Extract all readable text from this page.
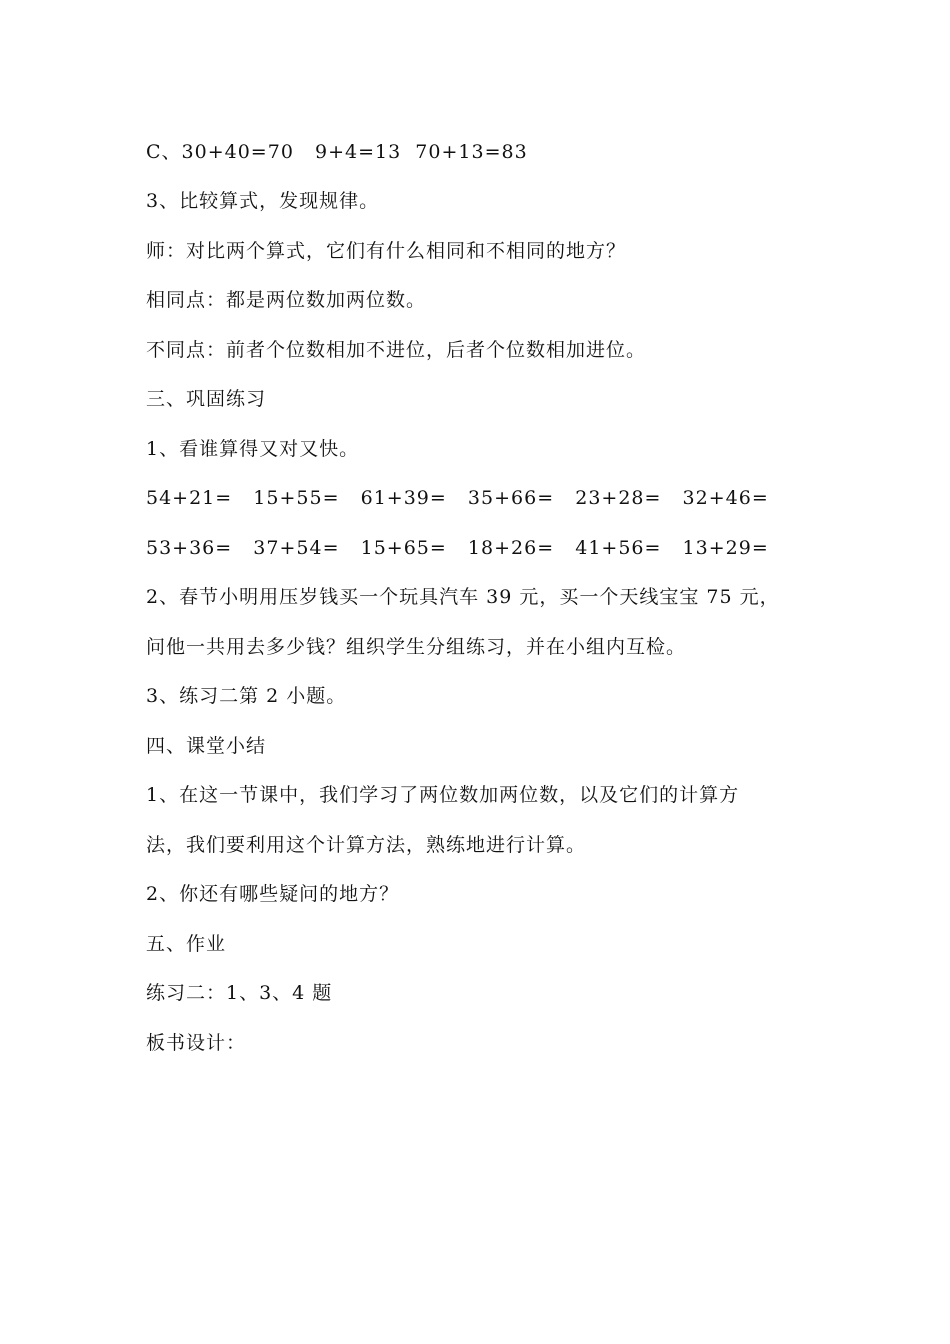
C、30+40=70   9+4=13  70+13=83
3、比较算式，发现规律。
师：对比两个算式，它们有什么相同和不相同的地方？
相同点：都是两位数加两位数。
不同点：前者个位数相加不进位，后者个位数相加进位。
三、巩固练习
1、看谁算得又对又快。
54+21=   15+55=   61+39=   35+66=   23+28=   32+46=
53+36=   37+54=   15+65=   18+26=   41+56=   13+29=
2、春节小明用压岁钱买一个玩具汽车 39 元，买一个天线宝宝 75 元，
问他一共用去多少钱？组织学生分组练习，并在小组内互检。
3、练习二第 2 小题。
四、课堂小结
1、在这一节课中，我们学习了两位数加两位数，以及它们的计算方
法，我们要利用这个计算方法，熟练地进行计算。
2、你还有哪些疑问的地方？
五、作业
练习二：1、3、4 题
板书设计：
